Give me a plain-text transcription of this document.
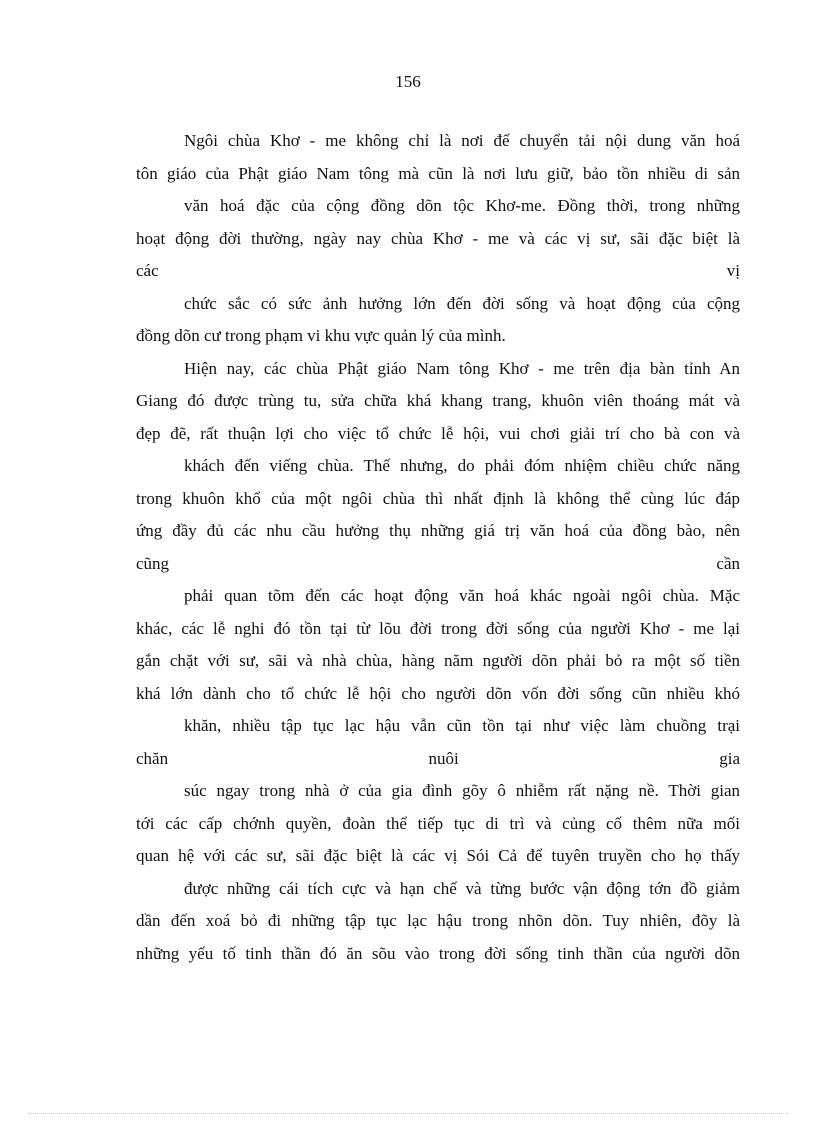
156
Ngôi chùa Khơ - me không chỉ là nơi để chuyển tải nội dung văn hoá
tôn giáo của Phật giáo Nam tông mà cũn là nơi lưu giữ, bảo tồn nhiều di sản
văn hoá đặc của cộng đồng dõn tộc Khơ-me. Đồng thời, trong những
hoạt động đời thường, ngày nay chùa Khơ - me và các vị sư, sãi đặc biệt là
các vị
chức sắc có sức ảnh hưởng lớn đến đời sống và hoạt động của cộng
đồng dõn cư trong phạm vi khu vực quản lý của mình.
Hiện nay, các chùa Phật giáo Nam tông Khơ - me trên địa bàn tỉnh An
Giang đó được trùng tu, sửa chữa khá khang trang, khuôn viên thoáng mát và
đẹp đẽ, rất thuận lợi cho việc tổ chức lễ hội, vui chơi giải trí cho bà con và
khách đến viếng chùa. Thế nhưng, do phải đóm nhiệm chiều chức năng
trong khuôn khổ của một ngôi chùa thì nhất định là không thể cùng lúc đáp
ứng đầy đủ các nhu cầu hưởng thụ những giá trị văn hoá của đồng bào, nên
cũng cần
phải quan tõm đến các hoạt động văn hoá khác ngoài ngôi chùa. Mặc
khác, các lễ nghi đó tồn tại từ lõu đời trong đời sống của người Khơ - me lại
gắn chặt với sư, sãi và nhà chùa, hàng năm người dõn phải bỏ ra một số tiền
khá lớn dành cho tổ chức lễ hội cho người dõn vốn đời sống cũn nhiều khó
khăn, nhiều tập tục lạc hậu vẫn cũn tồn tại như việc làm chuồng trại
chăn nuôi gia
súc ngay trong nhà ở của gia đình gõy ô nhiễm rất nặng nề. Thời gian
tới các cấp chớnh quyền, đoàn thể tiếp tục di trì và củng cố thêm nữa mối
quan hệ với các sư, sãi đặc biệt là các vị Sói Cả để tuyên truyền cho họ thấy
được những cái tích cực và hạn chế và từng bước vận động tớn đồ giảm
dần đến xoá bỏ đi những tập tục lạc hậu trong nhõn dõn. Tuy nhiên, đõy là
những yếu tố tinh thần đó ăn sõu vào trong đời sống tinh thần của người dõn
